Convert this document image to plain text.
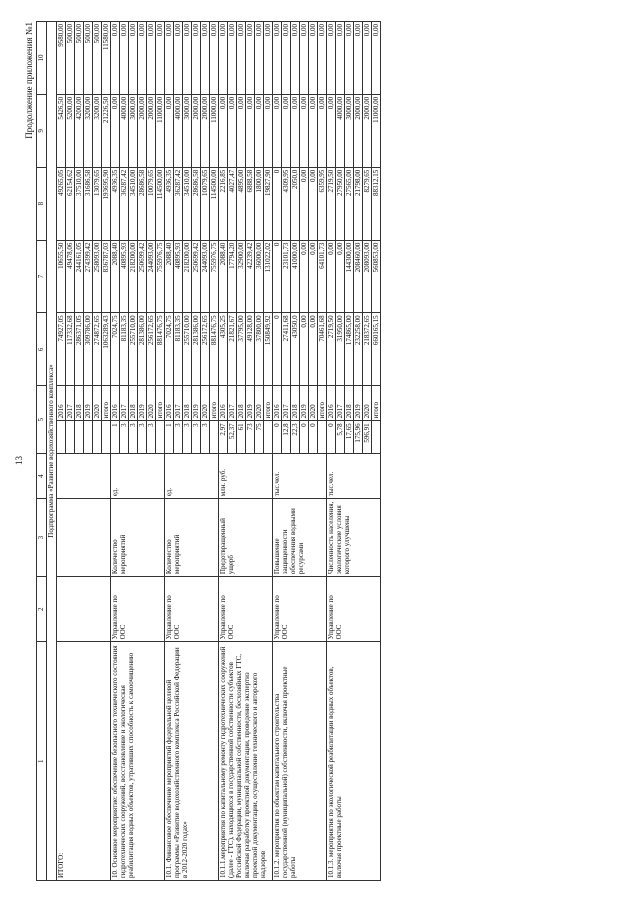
13
Продолжение приложения №1
1	2	3	4	5		6	7	8	9	10
Подпрограмма «Развитие водохозяйственного комплекса»										
ИТОГО:					2016	74927,05	10655,50	49265,05	5426,50	9580,00
					2017	117332,68	49478,06	62154,62	5200,00	500,00
					2018	286371,05	244161,05	37510,00	4200,00	500,00
					2019	309786,00	274399,42	31686,58	3200,00	500,00
					2020	274872,65	258093,00	13079,65	3200,00	500,00
					итого	1063289,43	836787,03	193695,90	21226,50	11580,00
10. Основное мероприятие: обеспечение безопасного технического состояния гидротехнических сооружений, восстановление и экологическая реабилитация водных объектов, утративших способность к самоочищению	Управление по ООС	Количество мероприятий	ед.	1	2016	7024,75	2088,40	4936,35	0,00	0,00
				3	2017	81183,35	40895,93	36287,42	4000,00	0,00
				3	2018	255710,00	218200,00	34510,00	3000,00	0,00
				3	2019	281386,00	250699,42	28686,58	2000,00	0,00
				3	2020	256172,65	244093,00	10079,65	2000,00	0,00
					итого	881476,75	755976,75	114500,00	11000,00	0,00
10.1. Финансовое обеспечение мероприятий федеральной целевой программы «Развитие водохозяйственного комплекса Российской Федерации в 2012-2020 годах»	Управление по ООС	Количество мероприятий	ед.	1	2016	7024,75	2088,40	4936,35	0,00	0,00
				3	2017	81183,35	40895,93	36287,42	4000,00	0,00
				3	2018	255710,00	218200,00	34510,00	3000,00	0,00
				3	2019	281386,00	250699,42	28686,58	2000,00	0,00
				3	2020	256172,65	244093,00	10079,65	2000,00	0,00
					итого	881476,75	755976,75	114500,00	11000,00	0,00
10.1.1.мероприятия по капитальному ремонту гидротехнических сооружений (далее - ГТС), находящихся в государственной собственности субъектов Российской Федерации, муниципальной собственности, бесхозяйных ГТС, включая разработку проектной документации, проведение экспертиз проектной документации, осуществление технического и авторского надзоров	Управление по ООС	Предотвращенный ущерб	млн. руб.	2,97	2016	4305,25	2088,40	2216,85	0,00	0,00
				52,37	2017	21821,67	17794,20	4027,47	0,00	0,00
				61	2018	37795,00	32900,00	4895,00	0,00	0,00
				73	2019	49128,00	42239,42	6888,58	0,00	0,00
				75	2020	37800,00	36000,00	1800,00	0,00	0,00
					итого	150849,92	131022,02	19827,90	0,00	0,00
10.1.2. мероприятия по объектам капитального строительства государственной (муниципальной) собственности, включая проектные работы	Управление по ООС	Повышение защищенности обеспечения водными ресурсами	тыс.чел.	0	2016	0	0	0	0,00	0,00
				12,8	2017	27411,68	23101,73	4309,95	0,00	0,00
				22,3	2018	43050,0	41000,00	2050,0	0,00	0,00
				0	2019	0,00	0,00	0,00	0,00	0,00
				0	2020	0,00	0,00	0,00	0,00	0,00
					итого	70461,68	64101,73	6359,95	0,00	0,00
10.1.3. мероприятия по экологической реабилитации водных объектов, включая проектные работы	Управление по ООС	Численность населения, экологические условия которого улучшены	тыс.чел.	0	2016	2719,50	0,00	2719,50	0,00	0,00
				5,78	2017	31950,00	0,00	27950,00	4000,00	0,00
				17,65	2018	174865,00	144300,00	27565,00	3000,00	0,00
				175,96	2019	232258,00	208460,00	21798,00	2000,00	0,00
				596,91	2020	218372,65	208093,00	8279,65	2000,00	0,00
					итого	660165,15	560853,00	88312,15	11000,00	0,00
